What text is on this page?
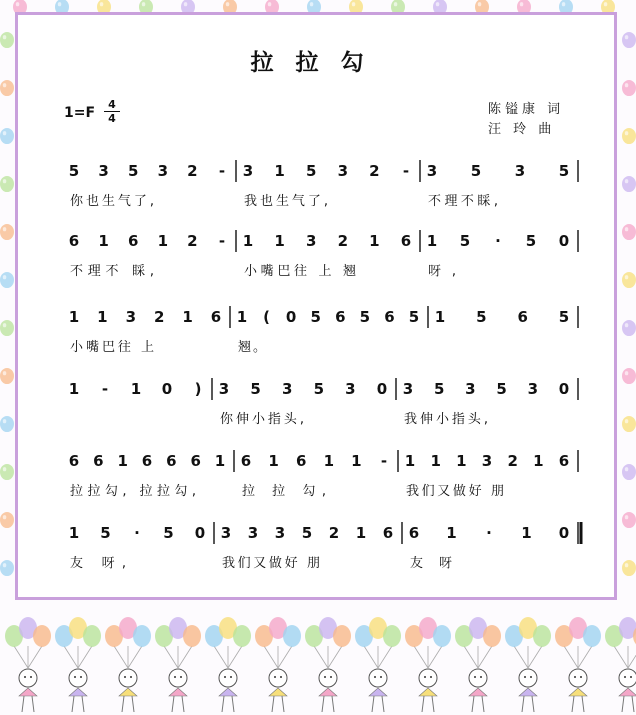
拉拉勾
陈镒康 词
汪 玲 曲
1=F
4
4
5 3 5 3 2 -
你也生气了,
3 1 5 3 2 -
我也生气了,
3 5 3 5
不理不睬,
6 1 6 1 2 -
不理不 睬,
1 1 3 2 1 6
小嘴巴往 上 翘
1 5 · 5 0
呀,
1 1 3 2 1 6
小嘴巴往 上
1 ( 0 5 6 5 6 5
翘。
1 5 6 5
1 - 1 0 ) 3 5 3 5 3 0
你伸小指头,
3 5 3 5 3 0
我伸小指头,
6 6 1 6 6 6 1
拉拉勾, 拉拉勾,
6 1 6 1 1 -
拉 拉 勾,
1 1 1 3 2 1 6
我们又做好 朋
1 5 · 5 0
友 呀,
3 3 3 5 2 1 6
我们又做好 朋
6 1 · 1 0
友 呀
